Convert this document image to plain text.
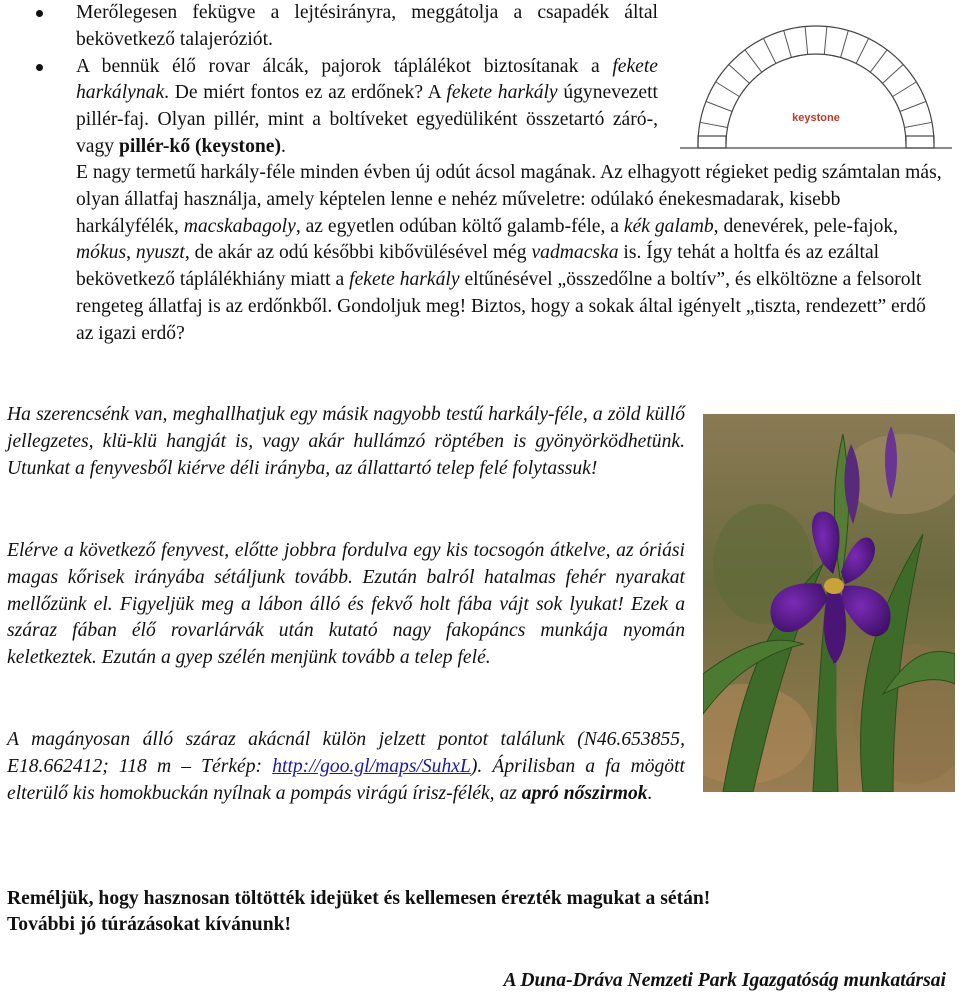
Merőlegesen fekügve a lejtésirányra, meggátolja a csapadék által bekövetkező talajeróziót.
A bennük élő rovar álcák, pajorok táplálékot biztosítanak a fekete harkálynak. De miért fontos ez az erdőnek? A fekete harkály úgynevezett pillér-faj. Olyan pillér, mint a boltíveket egyedüliként összetartó záró-, vagy pillér-kő (keystone).
keystone
E nagy termetű harkály-féle minden évben új odút ácsol magának. Az elhagyott régieket pedig számtalan más, olyan állatfaj használja, amely képtelen lenne e nehéz műveletre: odúlakó énekesmadarak, kisebb harkályfélék, macskabagoly, az egyetlen odúban költő galamb-féle, a kék galamb, denevérek, pele-fajok, mókus, nyuszt, de akár az odú későbbi kibővülésével még vadmacska is. Így tehát a holtfa és az ezáltal bekövetkező táplálékhiány miatt a fekete harkály eltűnésével „összedőlne a boltív”, és elköltözne a felsorolt rengeteg állatfaj is az erdőnkből. Gondoljuk meg! Biztos, hogy a sokak által igényelt „tiszta, rendezett” erdő az igazi erdő?
Ha szerencsénk van, meghallhatjuk egy másik nagyobb testű harkály-féle, a zöld küllő jellegzetes, klü-klü hangját is, vagy akár hullámzó röptében is gyönyörködhetünk. Utunkat a fenyvesből kiérve déli irányba, az állattartó telep felé folytassuk!
Elérve a következő fenyvest, előtte jobbra fordulva egy kis tocsogón átkelve, az óriási magas kőrisek irányába sétáljunk tovább. Ezután balról hatalmas fehér nyarakat mellőzünk el. Figyeljük meg a lábon álló és fekvő holt fába vájt sok lyukat! Ezek a száraz fában élő rovarlárvák után kutató nagy fakopáncs munkája nyomán keletkeztek. Ezután a gyep szélén menjünk tovább a telep felé.
A magányosan álló száraz akácnál külön jelzett pontot találunk (N46.653855, E18.662412; 118 m – Térkép: http://goo.gl/maps/SuhxL). Áprilisban a fa mögött elterülő kis homokbuckán nyílnak a pompás virágú írisz-félék, az apró nőszirmok.
Reméljük, hogy hasznosan töltötték idejüket és kellemesen érezték magukat a sétán!
További jó túrázásokat kívánunk!
A Duna-Dráva Nemzeti Park Igazgatóság munkatársai
